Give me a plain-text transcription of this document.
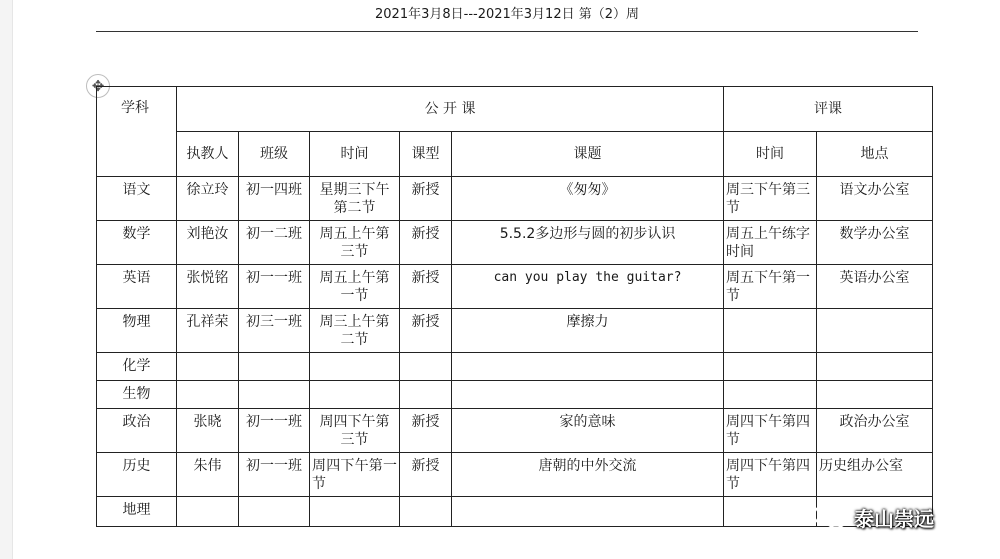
2021年3月8日---2021年3月12日 第（2）周
✥
学科	公 开 课					评课	

	执教人	班级	时间	课型	课题	时间	地点

语文	徐立玲	初一四班	星期三下午第二节	新授	《匆匆》	周三下午第三节	语文办公室

数学	刘艳汝	初一二班	周五上午第三节	新授	5.5.2多边形与圆的初步认识	周五上午练字时间	数学办公室

英语	张悦铭	初一一班	周五上午第一节	新授	can you play the guitar?	周五下午第一节	英语办公室

物理	孔祥荣	初三一班	周三上午第二节	新授	摩擦力		

化学							

生物							

政治	张晓	初一一班	周四下午第三节	新授	家的意味	周四下午第四节	政治办公室

历史	朱伟	初一一班	周四下午第一节	新授	唐朝的中外交流	周四下午第四节	历史组办公室

地理							

		泰山崇远
